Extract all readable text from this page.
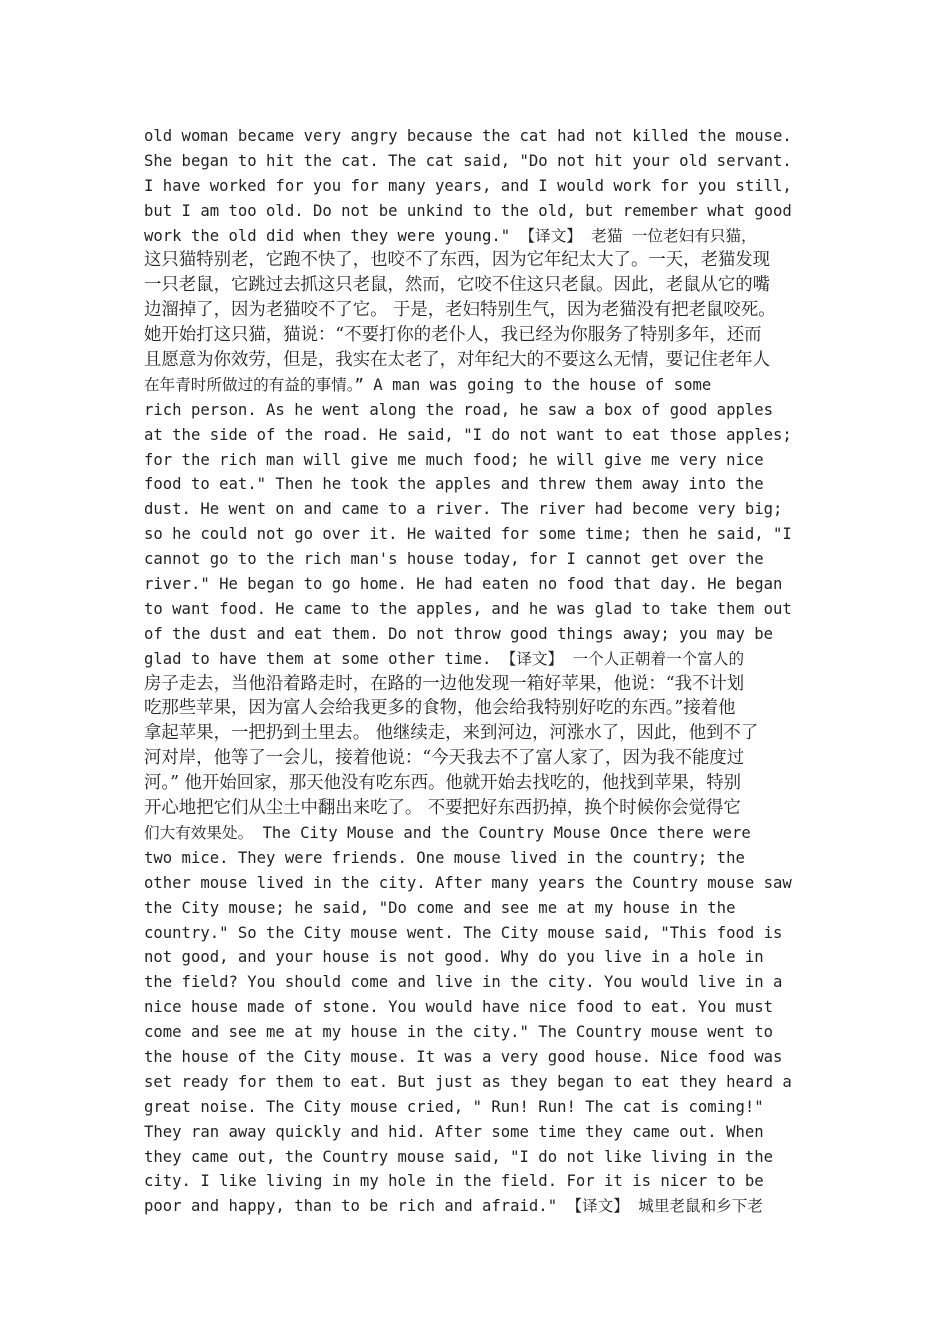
old woman became very angry because the cat had not killed the mouse.
She began to hit the cat. The cat said, "Do not hit your old servant.
I have worked for you for many years, and I would work for you still,
but I am too old. Do not be unkind to the old, but remember what good
work the old did when they were young." 【译文】 老猫 一位老妇有只猫，
这只猫特别老，它跑不快了，也咬不了东西，因为它年纪太大了。一天，老猫发现
一只老鼠，它跳过去抓这只老鼠，然而，它咬不住这只老鼠。因此，老鼠从它的嘴
边溜掉了，因为老猫咬不了它。 于是，老妇特别生气，因为老猫没有把老鼠咬死。
她开始打这只猫，猫说：“不要打你的老仆人，我已经为你服务了特别多年，还而
且愿意为你效劳，但是，我实在太老了，对年纪大的不要这么无情，要记住老年人
在年青时所做过的有益的事情。” A man was going to the house of some
rich person. As he went along the road, he saw a box of good apples
at the side of the road. He said, "I do not want to eat those apples;
for the rich man will give me much food; he will give me very nice
food to eat." Then he took the apples and threw them away into the
dust. He went on and came to a river. The river had become very big;
so he could not go over it. He waited for some time; then he said, "I
cannot go to the rich man's house today, for I cannot get over the
river." He began to go home. He had eaten no food that day. He began
to want food. He came to the apples, and he was glad to take them out
of the dust and eat them. Do not throw good things away; you may be
glad to have them at some other time. 【译文】 一个人正朝着一个富人的
房子走去，当他沿着路走时，在路的一边他发现一箱好苹果，他说：“我不计划
吃那些苹果，因为富人会给我更多的食物，他会给我特别好吃的东西。”接着他
拿起苹果，一把扔到土里去。 他继续走，来到河边，河涨水了，因此，他到不了
河对岸，他等了一会儿，接着他说：“今天我去不了富人家了，因为我不能度过
河。” 他开始回家，那天他没有吃东西。他就开始去找吃的，他找到苹果，特别
开心地把它们从尘土中翻出来吃了。 不要把好东西扔掉，换个时候你会觉得它
们大有效果处。 The City Mouse and the Country Mouse Once there were
two mice. They were friends. One mouse lived in the country; the
other mouse lived in the city. After many years the Country mouse saw
the City mouse; he said, "Do come and see me at my house in the
country." So the City mouse went. The City mouse said, "This food is
not good, and your house is not good. Why do you live in a hole in
the field? You should come and live in the city. You would live in a
nice house made of stone. You would have nice food to eat. You must
come and see me at my house in the city." The Country mouse went to
the house of the City mouse. It was a very good house. Nice food was
set ready for them to eat. But just as they began to eat they heard a
great noise. The City mouse cried, " Run! Run! The cat is coming!"
They ran away quickly and hid. After some time they came out. When
they came out, the Country mouse said, "I do not like living in the
city. I like living in my hole in the field. For it is nicer to be
poor and happy, than to be rich and afraid." 【译文】 城里老鼠和乡下老
